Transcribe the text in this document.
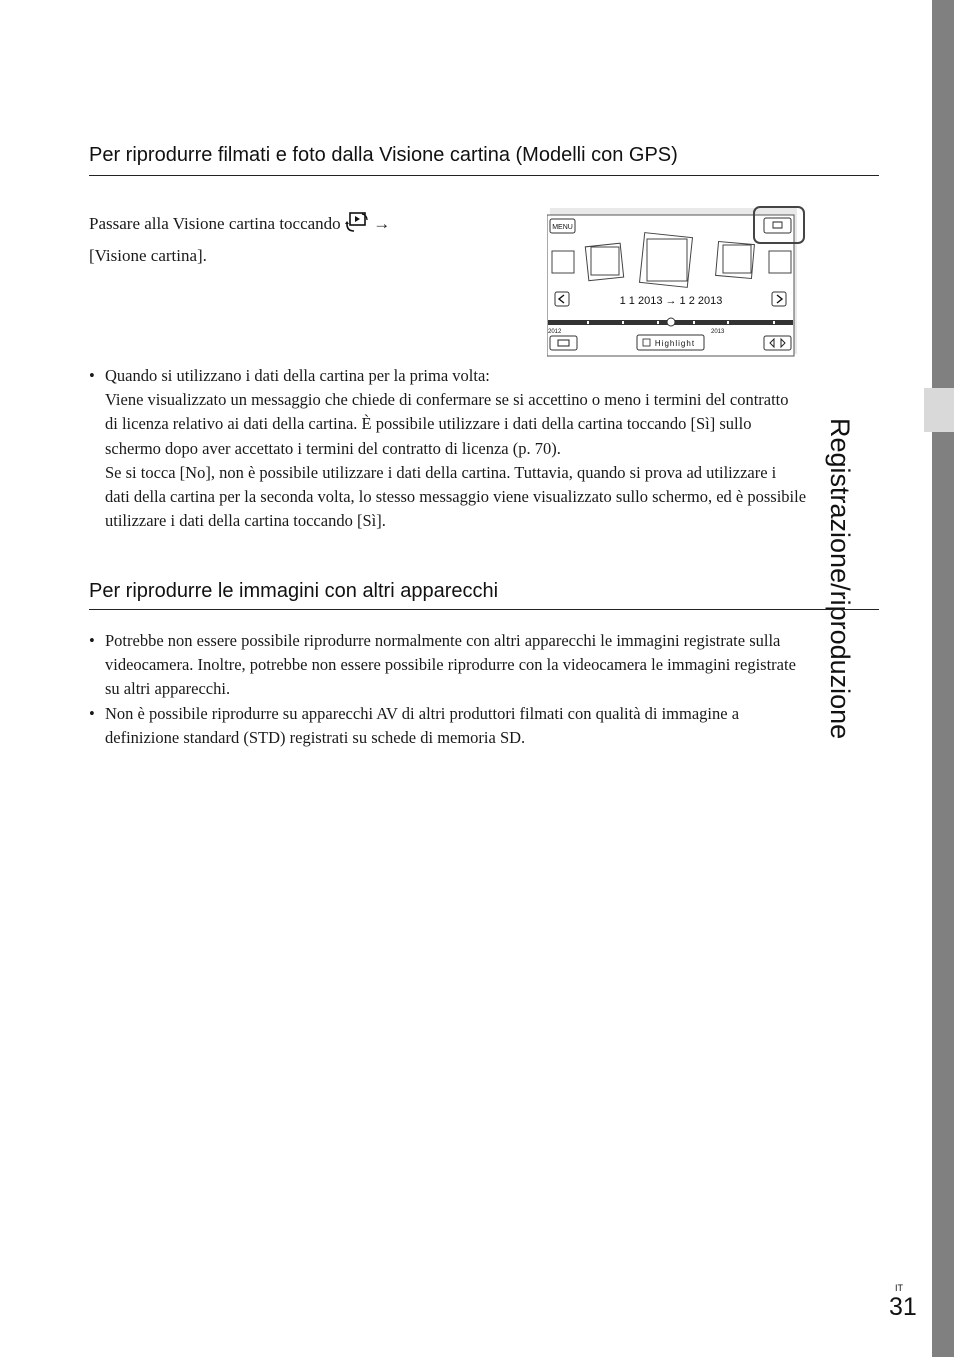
Registrazione/riproduzione
Per riprodurre filmati e foto dalla Visione cartina (Modelli con GPS)
Passare alla Visione cartina toccando →
[Visione cartina].
MENU
1 1 2013 → 1 2 2013
2012	2013
Highlight
• Quando si utilizzano i dati della cartina per la prima volta:
Viene visualizzato un messaggio che chiede di confermare se si accettino o meno i termini del contratto
di licenza relativo ai dati della cartina. È possibile utilizzare i dati della cartina toccando [Sì] sullo
schermo dopo aver accettato i termini del contratto di licenza (p. 70).
Se si tocca [No], non è possibile utilizzare i dati della cartina. Tuttavia, quando si prova ad utilizzare i
dati della cartina per la seconda volta, lo stesso messaggio viene visualizzato sullo schermo, ed è possibile
utilizzare i dati della cartina toccando [Sì].
Per riprodurre le immagini con altri apparecchi
• Potrebbe non essere possibile riprodurre normalmente con altri apparecchi le immagini registrate sulla
videocamera. Inoltre, potrebbe non essere possibile riprodurre con la videocamera le immagini registrate
su altri apparecchi.
• Non è possibile riprodurre su apparecchi AV di altri produttori filmati con qualità di immagine a
definizione standard (STD) registrati su schede di memoria SD.
IT
31
